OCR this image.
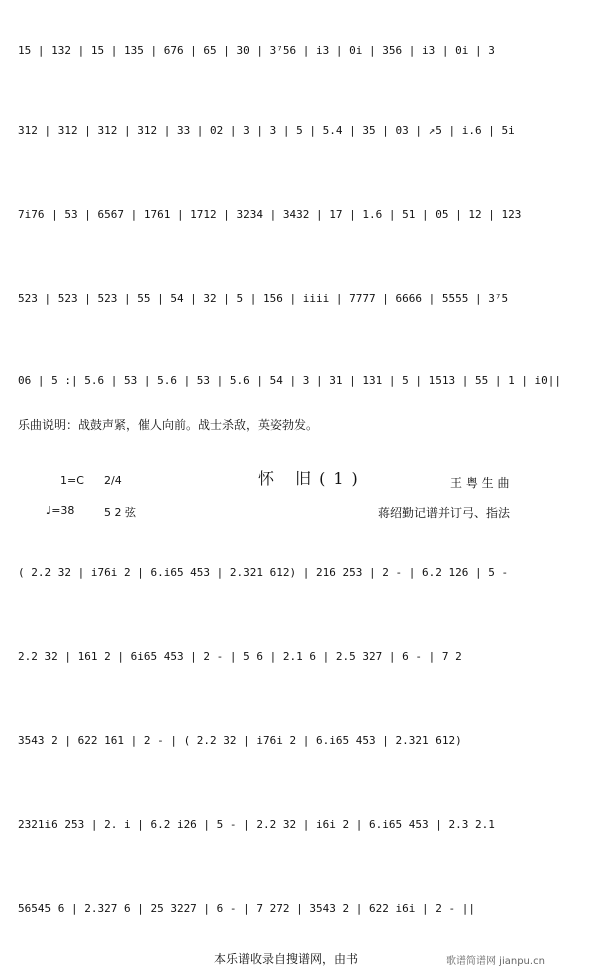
15 | 132 | 15 | 135 | 676 | 65 | 30 | 3⁷56 | i3 | 0i | 356 | i3 | 0i | 3
312 | 312 | 312 | 312 | 33 | 02 | 3 | 3 | 5 | 5.4 | 35 | 03 | ↗5 | i.6 | 5i
7i76 | 53 | 6567 | 1761 | 1712 | 3234 | 3432 | 17 | 1.6 | 51 | 05 | 12 | 123
523 | 523 | 523 | 55 | 54 | 32 | 5 | 156 | iiii | 7777 | 6666 | 5555 | 3⁷5
06 | 5 :| 5.6 | 53 | 5.6 | 53 | 5.6 | 54 | 3 | 31 | 131 | 5 | 1513 | 55 | 1 | i0||
乐曲说明：战鼓声紧，催人向前。战士杀敌，英姿勃发。
1=C 2/4	怀 旧(1)	王 粤 生 曲
♩=38	5 2 弦	蒋绍勤记谱并订弓、指法
( 2.2 32 | i76i 2 | 6.i65 453 | 2.321 612) | 216 253 | 2 - | 6.2 126 | 5 -
2.2 32 | 161 2 | 6i65 453 | 2 - | 5 6 | 2.1 6 | 2.5 327 | 6 - | 7 2
3543 2 | 622 161 | 2 - | ( 2.2 32 | i76i 2 | 6.i65 453 | 2.321 612)
2321i6 253 | 2. i | 6.2 i26 | 5 - | 2.2 32 | i6i 2 | 6.i65 453 | 2.3 2.1
56545 6 | 2.327 6 | 25 3227 | 6 - | 7 272 | 3543 2 | 622 i6i | 2 - ||
本乐谱收录自搜谱网，由书	歌谱简谱网 jianpu.cn
